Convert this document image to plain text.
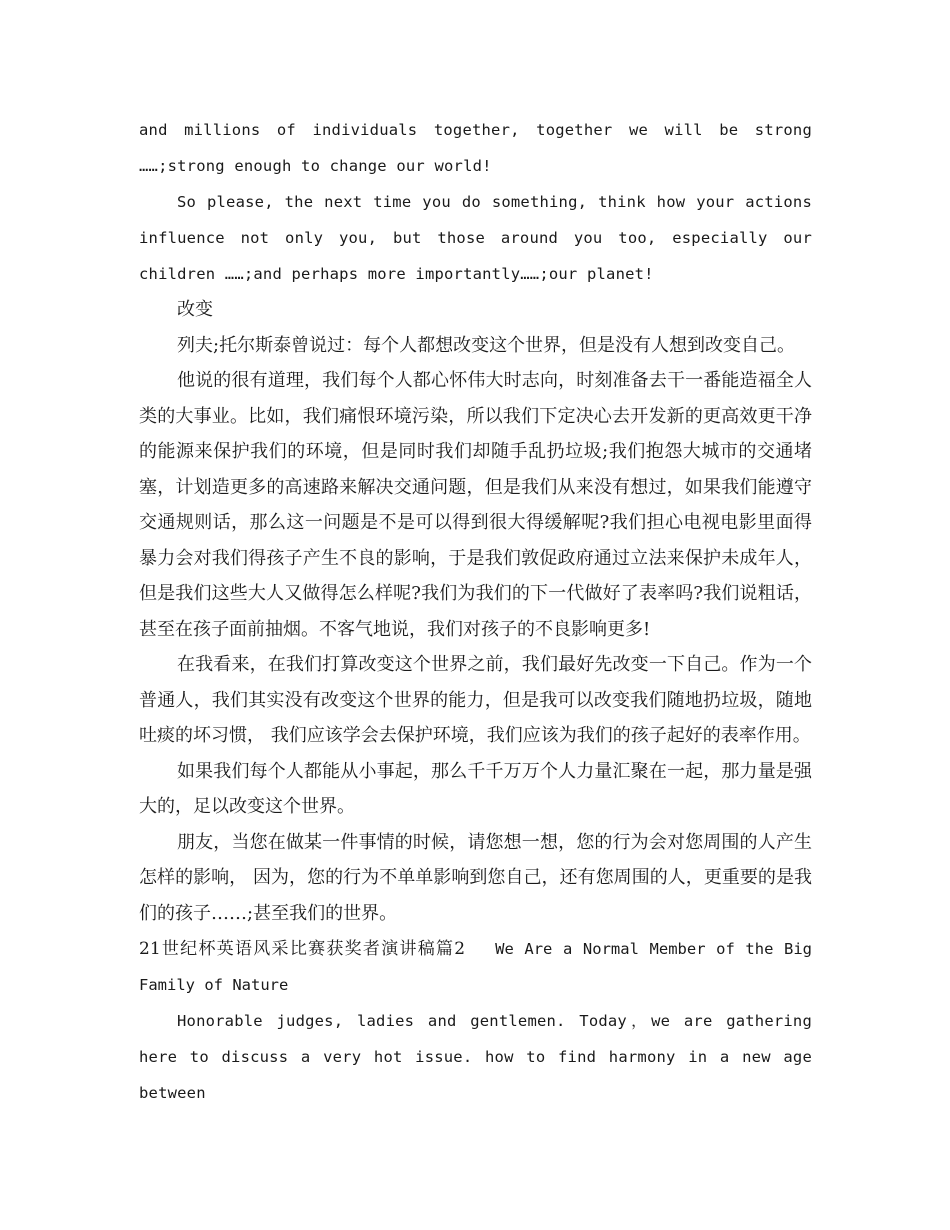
and millions of individuals together, together we will be strong ……;strong enough to change our world!

So please, the next time you do something, think how your actions influence not only you, but those around you too, especially our children ……;and perhaps more importantly……;our planet!

改变

列夫;托尔斯泰曾说过：每个人都想改变这个世界，但是没有人想到改变自己。

他说的很有道理，我们每个人都心怀伟大时志向，时刻准备去干一番能造福全人类的大事业。比如，我们痛恨环境污染，所以我们下定决心去开发新的更高效更干净的能源来保护我们的环境，但是同时我们却随手乱扔垃圾;我们抱怨大城市的交通堵塞，计划造更多的高速路来解决交通问题，但是我们从来没有想过，如果我们能遵守交通规则话，那么这一问题是不是可以得到很大得缓解呢?我们担心电视电影里面得暴力会对我们得孩子产生不良的影响，于是我们敦促政府通过立法来保护未成年人，但是我们这些大人又做得怎么样呢?我们为我们的下一代做好了表率吗?我们说粗话，甚至在孩子面前抽烟。不客气地说，我们对孩子的不良影响更多!

在我看来，在我们打算改变这个世界之前，我们最好先改变一下自己。作为一个普通人，我们其实没有改变这个世界的能力，但是我可以改变我们随地扔垃圾，随地吐痰的坏习惯， 我们应该学会去保护环境，我们应该为我们的孩子起好的表率作用。

如果我们每个人都能从小事起，那么千千万万个人力量汇聚在一起，那力量是强大的，足以改变这个世界。

朋友，当您在做某一件事情的时候，请您想一想，您的行为会对您周围的人产生怎样的影响， 因为，您的行为不单单影响到您自己，还有您周围的人，更重要的是我们的孩子……;甚至我们的世界。

21世纪杯英语风采比赛获奖者演讲稿篇2 We Are a Normal Member of the Big Family of Nature

Honorable judges, ladies and gentlemen. Today，we are gathering here to discuss a very hot issue. how to find harmony in a new age between
